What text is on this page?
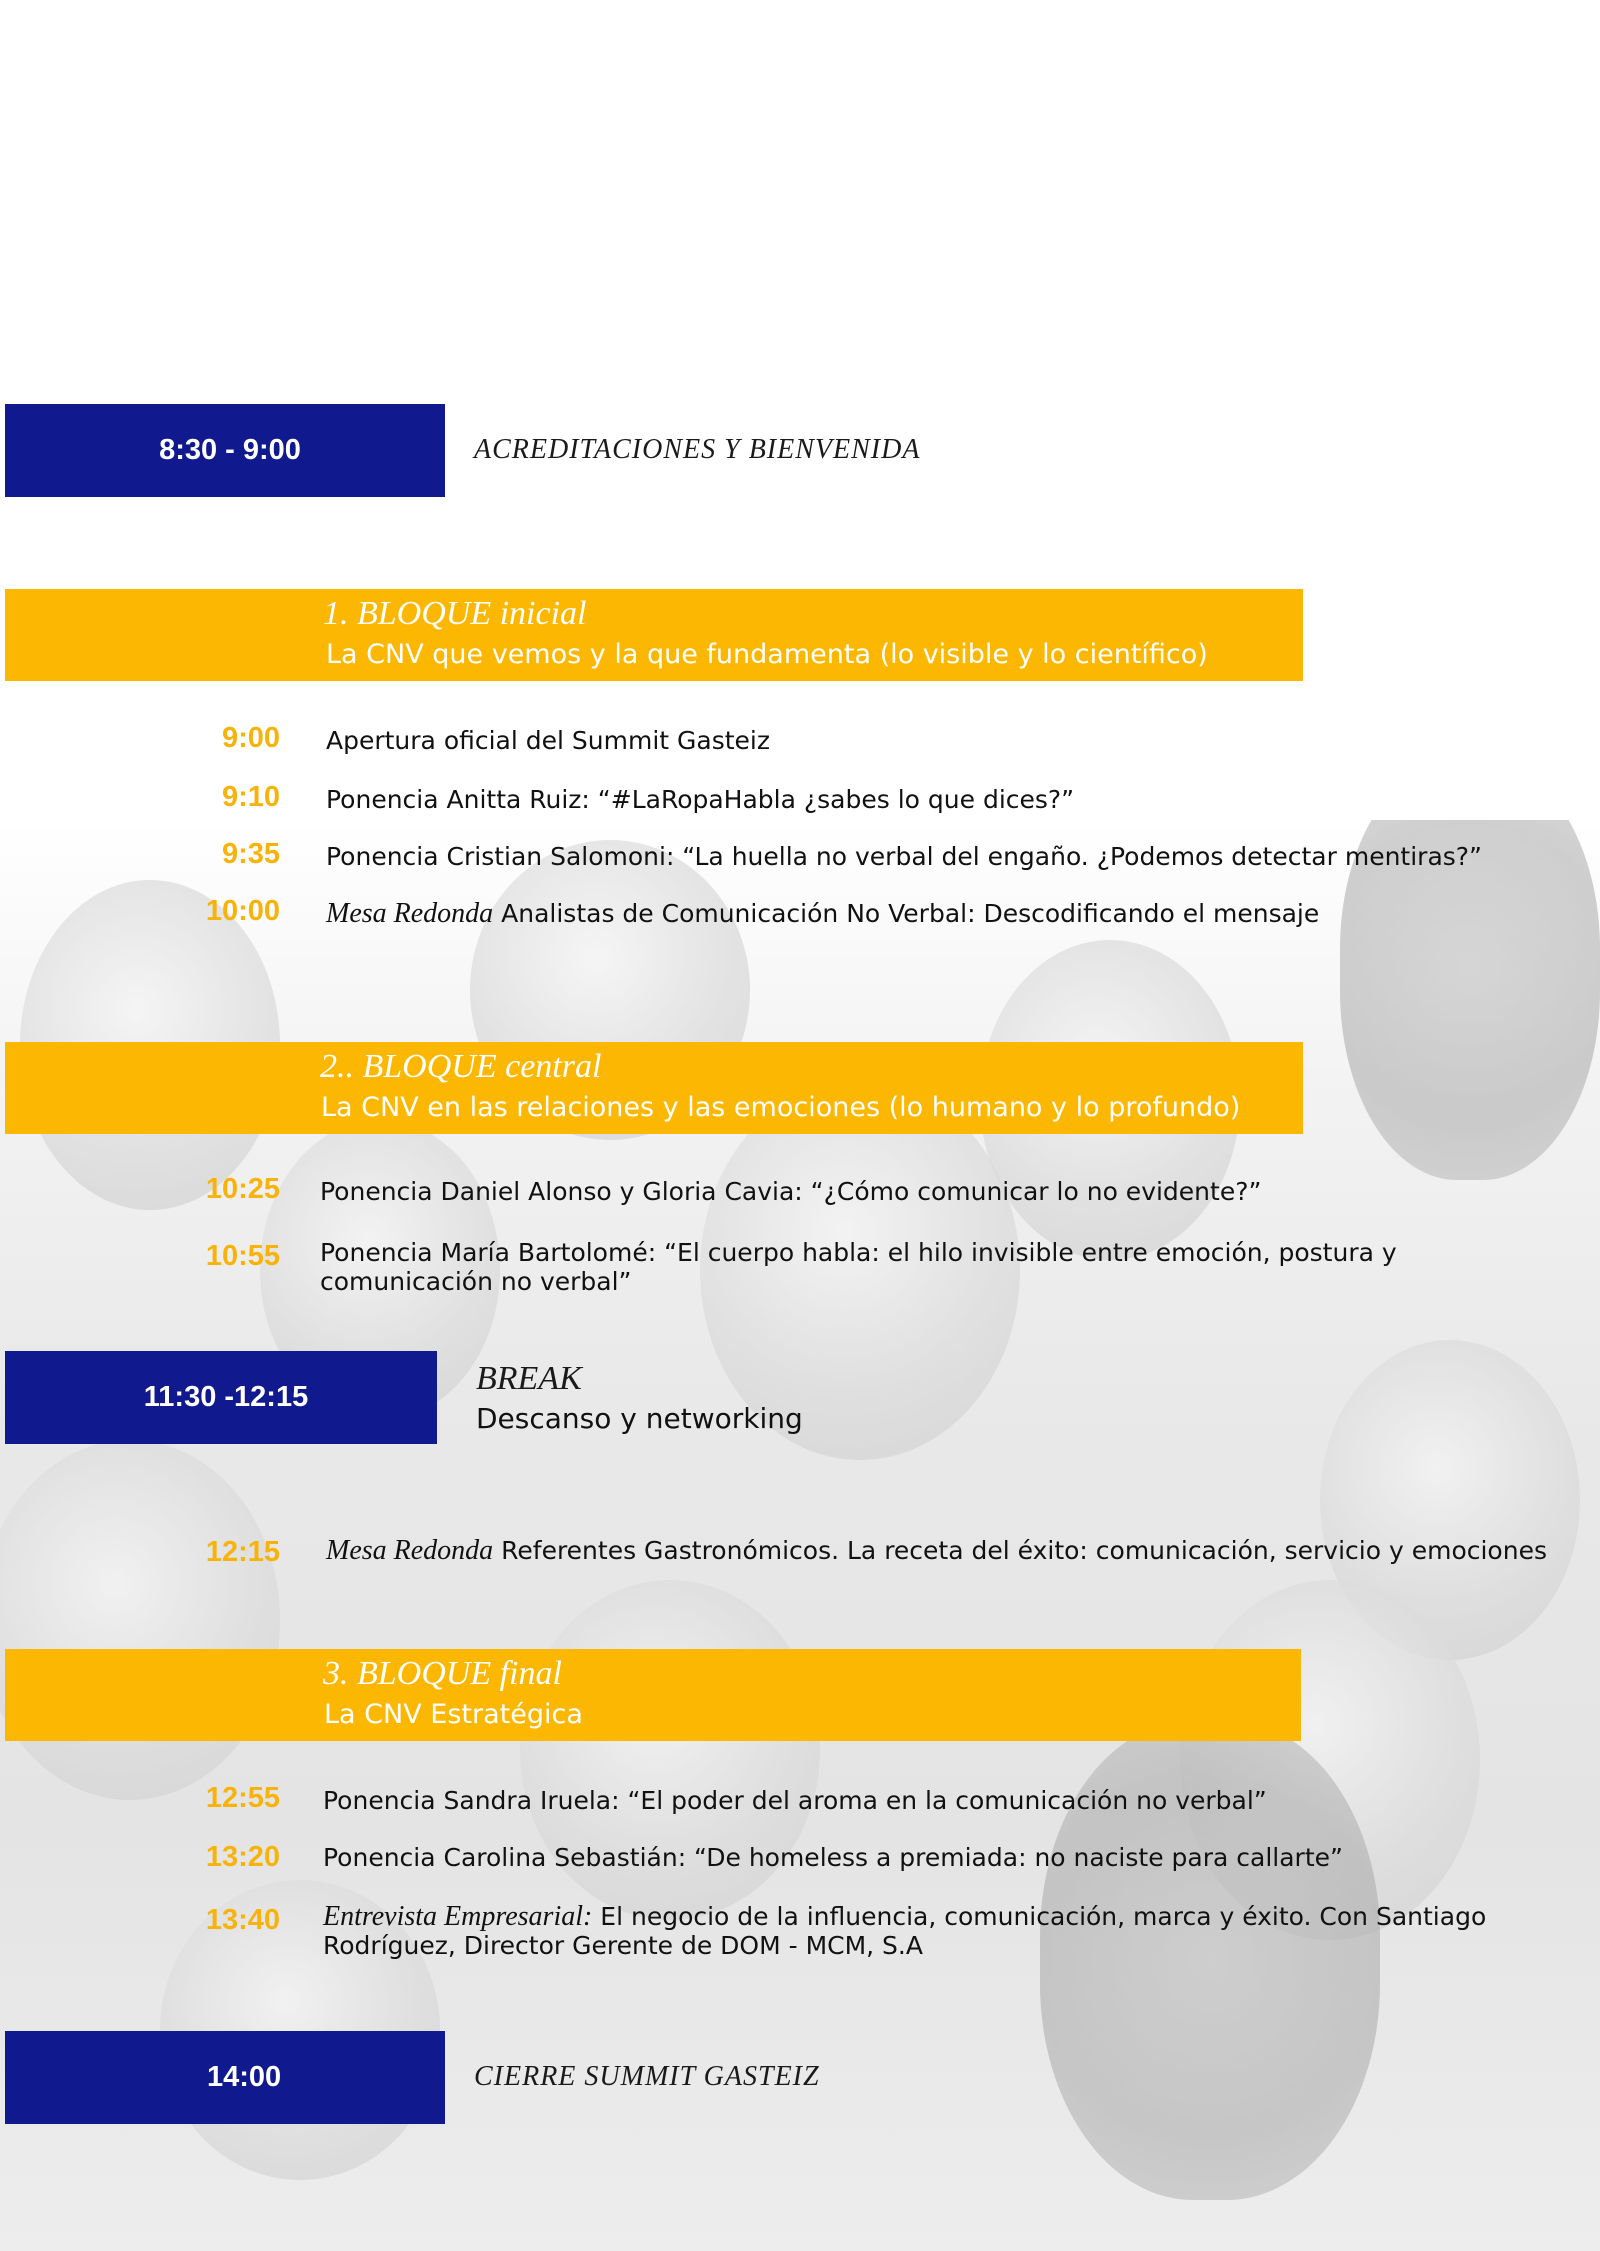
8:30 - 9:00	ACREDITACIONES Y BIENVENIDA
1. BLOQUE inicial
La CNV que vemos y la que fundamenta (lo visible y lo científico)
9:00 Apertura oficial del Summit Gasteiz
9:10 Ponencia Anitta Ruiz: “#LaRopaHabla ¿sabes lo que dices?”
9:35 Ponencia Cristian Salomoni: “La huella no verbal del engaño. ¿Podemos detectar mentiras?”
10:00 Mesa Redonda Analistas de Comunicación No Verbal: Descodificando el mensaje
2.. BLOQUE central
La CNV en las relaciones y las emociones (lo humano y lo profundo)
10:25 Ponencia Daniel Alonso y Gloria Cavia: “¿Cómo comunicar lo no evidente?”
10:55 Ponencia María Bartolomé: “El cuerpo habla: el hilo invisible entre emoción, postura y
comunicación no verbal”
11:30 -12:15	BREAK
Descanso y networking
12:15 Mesa Redonda Referentes Gastronómicos. La receta del éxito: comunicación, servicio y emociones
3. BLOQUE final
La CNV Estratégica
12:55 Ponencia Sandra Iruela: “El poder del aroma en la comunicación no verbal”
13:20 Ponencia Carolina Sebastián: “De homeless a premiada: no naciste para callarte”
13:40 Entrevista Empresarial: El negocio de la influencia, comunicación, marca y éxito. Con Santiago
Rodríguez, Director Gerente de DOM - MCM, S.A
14:00	CIERRE SUMMIT GASTEIZ
